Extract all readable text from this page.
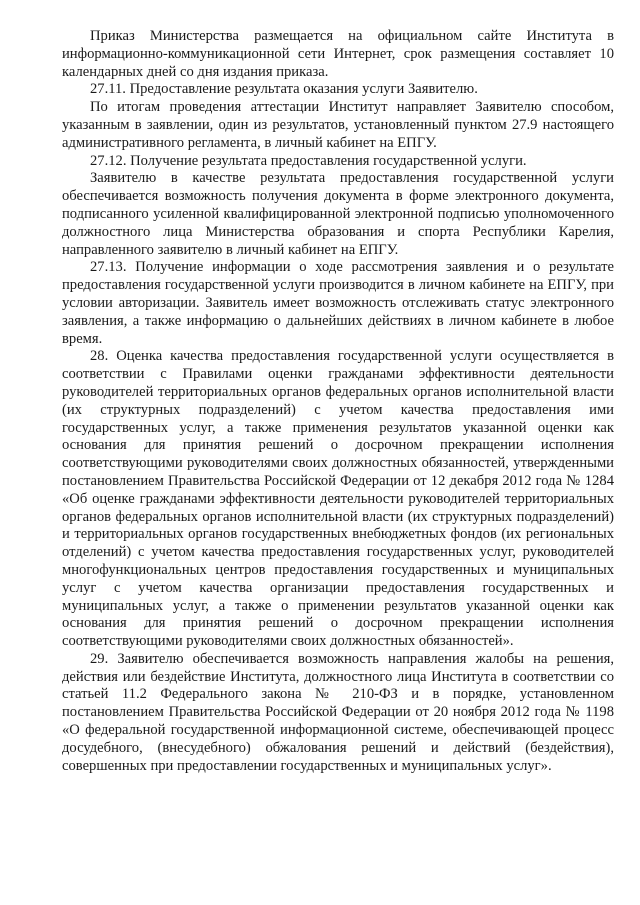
Приказ Министерства размещается на официальном сайте Института в информационно-коммуникационной сети Интернет, срок размещения составляет 10 календарных дней со дня издания приказа.

27.11. Предоставление результата оказания услуги Заявителю.

По итогам проведения аттестации Институт направляет Заявителю способом, указанным в заявлении, один из результатов, установленный пунктом 27.9 настоящего административного регламента, в личный кабинет на ЕПГУ.

27.12. Получение результата предоставления государственной услуги.

Заявителю в качестве результата предоставления государственной услуги обеспечивается возможность получения документа в форме электронного документа, подписанного усиленной квалифицированной электронной подписью уполномоченного должностного лица Министерства образования и спорта Республики Карелия, направленного заявителю в личный кабинет на ЕПГУ.

27.13. Получение информации о ходе рассмотрения заявления и о результате предоставления государственной услуги производится в личном кабинете на ЕПГУ, при условии авторизации. Заявитель имеет возможность отслеживать статус электронного заявления, а также информацию о дальнейших действиях в личном кабинете в любое время.

28. Оценка качества предоставления государственной услуги осуществляется в соответствии с Правилами оценки гражданами эффективности деятельности руководителей территориальных органов федеральных органов исполнительной власти (их структурных подразделений) с учетом качества предоставления ими государственных услуг, а также применения результатов указанной оценки как основания для принятия решений о досрочном прекращении исполнения соответствующими руководителями своих должностных обязанностей, утвержденными постановлением Правительства Российской Федерации от 12 декабря 2012 года № 1284 «Об оценке гражданами эффективности деятельности руководителей территориальных органов федеральных органов исполнительной власти (их структурных подразделений) и территориальных органов государственных внебюджетных фондов (их региональных отделений) с учетом качества предоставления государственных услуг, руководителей многофункциональных центров предоставления государственных и муниципальных услуг с учетом качества организации предоставления государственных и муниципальных услуг, а также о применении результатов указанной оценки как основания для принятия решений о досрочном прекращении исполнения соответствующими руководителями своих должностных обязанностей».

29. Заявителю обеспечивается возможность направления жалобы на решения, действия или бездействие Института, должностного лица Института в соответствии со статьей 11.2 Федерального закона № 210-ФЗ и в порядке, установленном постановлением Правительства Российской Федерации от 20 ноября 2012 года № 1198 «О федеральной государственной информационной системе, обеспечивающей процесс досудебного, (внесудебного) обжалования решений и действий (бездействия), совершенных при предоставлении государственных и муниципальных услуг».
